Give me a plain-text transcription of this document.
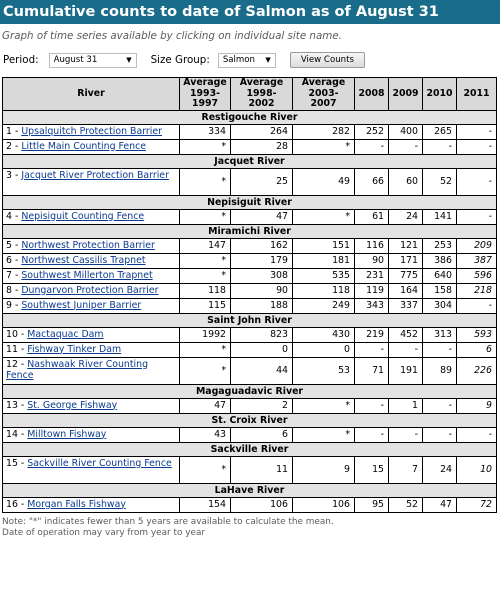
Cumulative counts to date of Salmon as of August 31
Graph of time series available by clicking on individual site name.
Period: August 31	▼ Size Group: Salmon ▼	View Counts
River	Average 1993-1997	Average 1998-2002	Average 2003-2007	2008	2009	2010	2011
Restigouche River							
1 - Upsalquitch Protection Barrier	334	264	282	252	400	265	-
2 - Little Main Counting Fence	*	28	*	-	-	-	-
Jacquet River							
3 - Jacquet River Protection Barrier	*	25	49	66	60	52	-
Nepisiguit River							
4 - Nepisiguit Counting Fence	*	47	*	61	24	141	-
Miramichi River							
5 - Northwest Protection Barrier	147	162	151	116	121	253	209
6 - Northwest Cassilis Trapnet	*	179	181	90	171	386	387
7 - Southwest Millerton Trapnet	*	308	535	231	775	640	596
8 - Dungarvon Protection Barrier	118	90	118	119	164	158	218
9 - Southwest Juniper Barrier	115	188	249	343	337	304	-
Saint John River							
10 - Mactaquac Dam	1992	823	430	219	452	313	593
11 - Fishway Tinker Dam	*	0	0	-	-	-	6
12 - Nashwaak River Counting Fence	*	44	53	71	191	89	226
Magaguadavic River							
13 - St. George Fishway	47	2	*	-	1	-	9
St. Croix River							
14 - Milltown Fishway	43	6	*	-	-	-	-
Sackville River							
15 - Sackville River Counting Fence	*	11	9	15	7	24	10
LaHave River							
16 - Morgan Falls Fishway	154	106	106	95	52	47	72
Note: "*" indicates fewer than 5 years are available to calculate the mean.
Date of operation may vary from year to year
